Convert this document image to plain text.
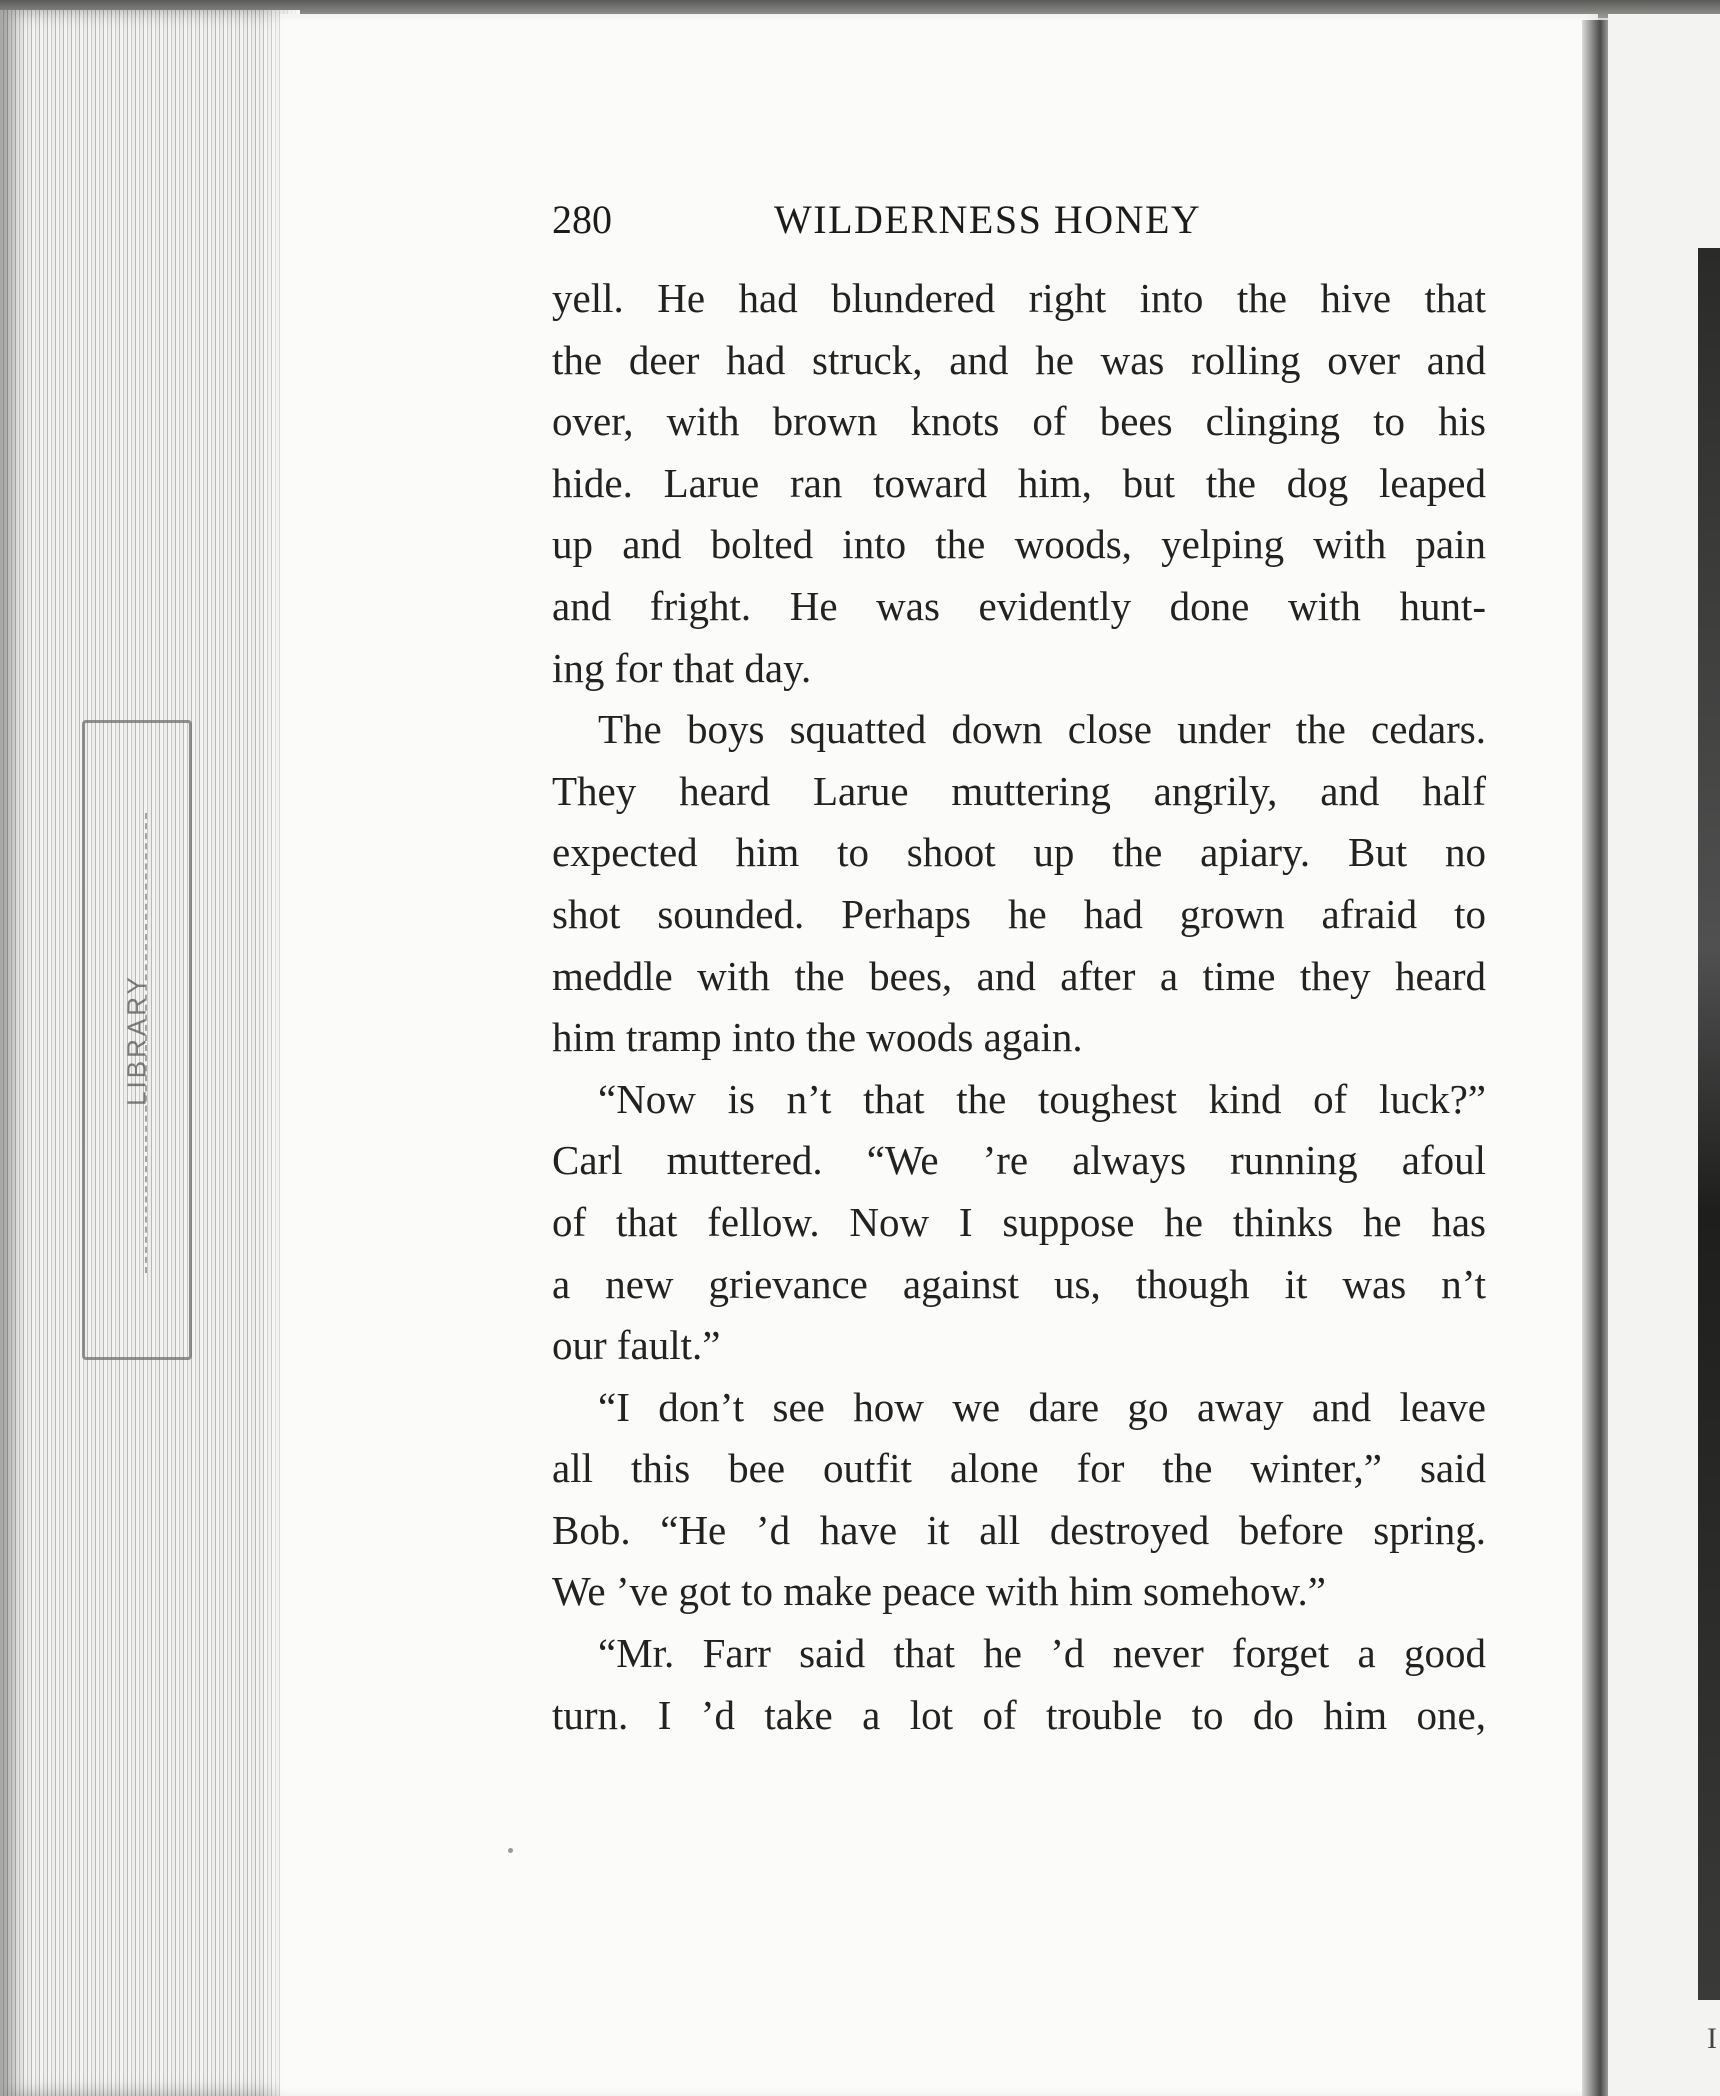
LIBRARY
I
280	WILDERNESS HONEY
yell. He had blundered right into the hive that
the deer had struck, and he was rolling over and
over, with brown knots of bees clinging to his
hide. Larue ran toward him, but the dog leaped
up and bolted into the woods, yelping with pain
and fright. He was evidently done with hunt-
ing for that day.
The boys squatted down close under the cedars.
They heard Larue muttering angrily, and half
expected him to shoot up the apiary. But no
shot sounded. Perhaps he had grown afraid to
meddle with the bees, and after a time they heard
him tramp into the woods again.
“Now is n’t that the toughest kind of luck?”
Carl muttered. “We ’re always running afoul
of that fellow. Now I suppose he thinks he has
a new grievance against us, though it was n’t
our fault.”
“I don’t see how we dare go away and leave
all this bee outfit alone for the winter,” said
Bob. “He ’d have it all destroyed before spring.
We ’ve got to make peace with him somehow.”
“Mr. Farr said that he ’d never forget a good
turn. I ’d take a lot of trouble to do him one,
